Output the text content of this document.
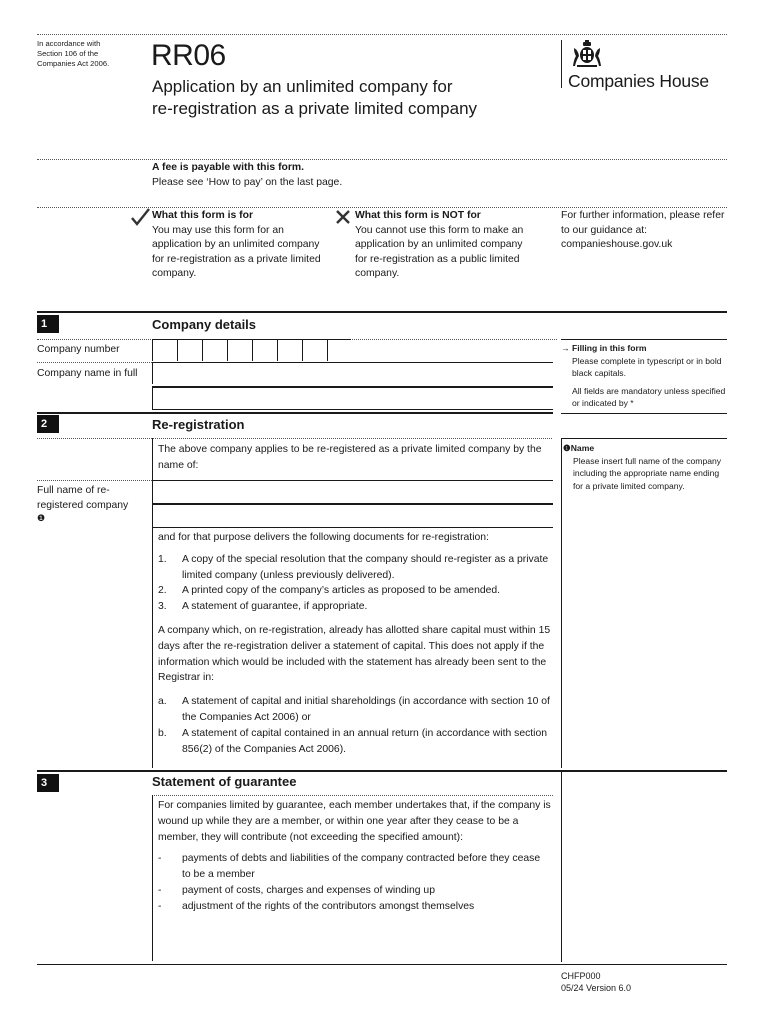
In accordance with Section 106 of the Companies Act 2006.	RR06
Application by an unlimited company for
re-registration as a private limited company
Companies House
A fee is payable with this form.
Please see ‘How to pay’ on the last page.
What this form is for
You may use this form for an application by an unlimited company for re-registration as a private limited company.
What this form is NOT for
You cannot use this form to make an application by an unlimited company for re-registration as a public limited company.
For further information, please refer to our guidance at: companieshouse.gov.uk
1	Company details
Company number
Company name in full
→ Filling in this form
Please complete in typescript or in bold black capitals.
All fields are mandatory unless specified or indicated by *
2	Re-registration
The above company applies to be re-registered as a private limited company by the name of:
Full name of re-registered company
❶
❶Name
Please insert full name of the company including the appropriate name ending for a private limited company.
and for that purpose delivers the following documents for re-registration:
1. A copy of the special resolution that the company should re-register as a private limited company (unless previously delivered).
2. A printed copy of the company’s articles as proposed to be amended.
3. A statement of guarantee, if appropriate.
A company which, on re-registration, already has allotted share capital must within 15 days after the re-registration deliver a statement of capital. This does not apply if the information which would be included with the statement has already been sent to the Registrar in:
a. A statement of capital and initial shareholdings (in accordance with section 10 of the Companies Act 2006) or
b. A statement of capital contained in an annual return (in accordance with section 856(2) of the Companies Act 2006).
3	Statement of guarantee
For companies limited by guarantee, each member undertakes that, if the company is wound up while they are a member, or within one year after they cease to be a member, they will contribute (not exceeding the specified amount):
- payments of debts and liabilities of the company contracted before they cease to be a member
- payment of costs, charges and expenses of winding up
- adjustment of the rights of the contributors amongst themselves
CHFP000
05/24 Version 6.0
